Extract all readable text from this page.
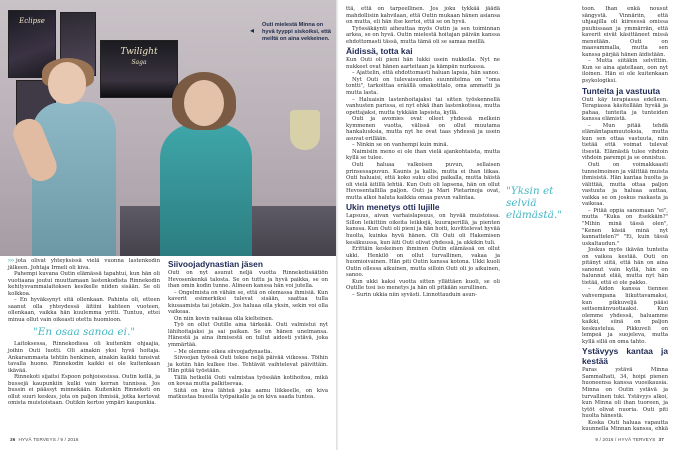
Eclipse
Twilight
Saga
◂
Outi mielestä Minna on hyvä tyyppi siskoiksi, että meiltä on aina vekkeinen.

››› jota olivat yhteyksissä vielä vuonna lastenkodin jälkeen. Johtaja Irmeli oli kiva.

Pahempi kuvana Outin elämässä tapahtui, kun hän oli vuotiaana joutui muuttamaan lastenkodista Rinnekodin kehitysvammalaitoksen kesikelle niiden sisään. Se oli kolkkoa.

– En hyväksynyt sitä ollenkaan. Pahinta oli, etteen saanut olla yhteydessä äitiini kahteen vuoteen, ollenkaan, vaikka hän kuulemma yritti. Tuntuu, ettei minua ollut vain oikeasti otettu huomioon.

"En osaa sanoa ei."

Laitoksessa, Rinnekodissa oli kuitenkin ohjaajia, joihin Outi luotti. Oli ainakin yksi hyvä hoitaja. Ankarammasta tehtiin henkinen, ainakin kaikki tunsivat tavalla huono. Rinnekodin kaikki ei ole kuitenkaan ikävää.

Rinnekoti sijaitsi Espoon pohjoisosissa. Outin kellä, ja bussejä kaupunkiin kulki vain kerran tunnissa. Jos bussin ei päässyt minnekään. Kuitenkin Rinnekoti on ollut suuri keskus, jota on paljon ihmisiä, jotka kertovat omista muistoistaan. Outikin kertoo ympäri kaupunkia.

Siivoojadynastian jäsen

Outi on nyt asunut neljä vuotta Rinnekotisäätiön Hevosenkenkä talosta. Se on tuttu ja hyvä paikka, se on ihan omin kodin tunne. Alineen kanssa hän voi jutella.

– Ongelmista on vähän se, että on olemassa ihmisiä. Kun kaverit esimerkiksi tulevat sisään, saattaa tulla kiusaamista tai jotakin. Jos haluaa olla yksin, sekin voi olla vaikeaa.

On niin kovin vaikeaa olla kielteinen.

Työ on ollut Outille aina tärkeää. Outi valmistui nyt lähihoitajaksi ja sai paikan. Se on hänen unelmansa. Hänestä ja aina ihmisestä on tullut aidosti ystävä, joka ymmärtää.

– Me olemme oikea siivoojadynastia.

Siivoojan työssä Outi tekee neljä päivää viikossa. Töihin ja kotiin hän kulkee itse. Tehtävät vaihtelevat päivittäin. Hän pitää työstään.

Tällä hetkellä Outi valmistaa työssään kotihoitoa, mikä on kovaa mutta palkitsevaa.

Siitä on kiva lähteä joka aamu liikkeelle, on kiva matkustaa bussilla työpaikalle ja on kiva saada tuntea.

36 HYVÄ TERVEYS / 9 / 2016

ttä, että on tarpeellinen. Jos joku tykkää jäädä mahdollisiin kahvilaan, että Outin mukaan hänen asiansa on mutta, eli hän itse kertoi, että se on hyvä.

Työssäkäynti aiheuttaa myös Outin ja sen toiminnan arkea, se on hyvä. Outin mielestä hoitajan päivän kanssa ehdottomasti tässä, mutta tämä oli se samaa meillä.

Äidissä, totta kai

Kun Outi oli pieni hän lukki usein nukkella. Nyt ne nukkeet ovat hänen aarteitaan ja kämpän nurkassa.

– Ajattelin, että ehdottomasti haluan lapsia, hän sanoo.

Nyt Outi on tulevaisuuden suunnitelma on "oma tontti", tarkoittaa eräällä omakotitalo, oma ammatti ja mutta lasta.

– Haluaisin lastenhoitajaksi tai sitten työskennellä vanhusten parissa, ei nyt ehkä ihan lastenkotissa, mutta opettajaksi, mutta tykkään lapsista, kyllä.

Outi ja avomies ovat olleet yhdessä melkein kymmenen vuotta, välissä on ollut muutama hankaluuksia, mutta nyt he ovat taas yhdessä ja usein asuvat erillään.

– Ninkin se on vanhempi kuin minä.

Naimisiin meno ei ole ihan vielä ajankohtaista, mutta kyllä se tulee.

Outi haluaa valkoisen puvun, sellaisen prinsessapuvun. Kaunis ja kallis, mutta ei ihan liikaa. Outi haluaisi, että koko suku olisi paikalla, mutta häistä oli vielä äitillä lehtiä. Kun Outi oli lapsena, hän on ollut Hevosentallilla paljon. Outi ja Mari Pietarinoja ovat, mutta alkoi haluta kaikkia omaa puvun valintaa.

Ukin menetys otti lujille

Lapsuus, aivan varhaislapsuus, on hyvää muistoissa. Sillon leikittiin oikeita leikkejä, kuuraperillä, ja pienten kanssa. Kun Outi oli pieni ja hän hoiti, kuvittelevat hyvää huolta, kuinka hyvä hänen. Oli Outi oli Hakemisen kesäkuussa, kun äiti Outi olivat yhdessä, ja ukkikin tuli.

Erittäin keskeinen ihminen Outin elämässä on ollut ukki. Henkilö on ollut turvallinen, vakaa ja huomioivainen. Hän piti Outin kanssa kotona. Ukki kuoli Outin ollessa aikuinen, mutta silloin Outi oli jo aikuinen, sanoo.

Kun ukki kaksi vuotta sitten yllättäen kuoli, se oli Outille tosi iso menetys ja hän oli pitkään surullinen.

– Surin ukkia niin syvästi. Linnottauduin asun-

"Yksin et selviä elämästä."

toon. Ihan enkä nousut sängystä. Vinnäriin, että uhjaajilla oli kiireessä omissa puuhissaan ja ymmärrän, että kaverit eivät käsittäneet missä menetään. Outi on maavammalla, mutta sen kanssa pärjää hänen äidistään.

– Mutta siitäkin selvittiin. Kun se aina ajatellaan, oon nyt iloinen. Hän ei ole kuitenkaan psykologiksi.

Tunteita ja vastuuta

Outi käy terapiassa edelleen. Terapiassa käsitellään hyvää ja pahaa, tunteita ja tunteiden kanssa elämistä.

– Mun pitää tehdä elämäntapamuutoksia, mutta kun sen ottaa vastuuta, niin tietää että voimat tulevat itsestä. Elämästä tulee vihdoin vihdoin parempi ja se onnistuu.

Outi on voimakkaasti tunnelmoinen ja välittää muista ihmisistä. Hän kantaa huolta ja välittää, mutta ottaa paljon vastuuta ja haluaa auttaa, vaikka se on joskus raskasta ja vaikeaa.

– Pitää oppia sanomaan "ei", mutta "Kuka on itsekkäin?" "Mihin minä tässä olen", "Kenen käsiä minä nyt kannattelen?" "Ei, kuin tässä uskaltaudun."

Joskus myös ikävän tunteita on vaikea kestää. Outi on pitänyt siitä, että hän on aina sanonut vain kyllä, hän on halunnut elää, mutta nyt hän tietää, että ei ole pakko.

– Aidon kanssa tiennee vahvempana liikuttavamaksi, kun pikkuveljä pääsi seitsemänvuotiaaksi. Kun olemme yhdessä, haluamme kaikki, siinä on paljon keskustelua. Pikkuveli on lempeä ja suojeleva, mutta kyllä sillä on oma tahto.

Ystävyys kantaa ja kestää

Paras ystävä Minna Sammalhati, 34, hoipi pienen huoneensa kanssa vuosikausia. Minna on Outin ystävä ja turvallinen tuki. Ystävyys alkoi, kun Minna oli ihan tuoreen, ja tytöt olivat nuoria. Outi piti huolta hänestä.

Koska Outi haluaa vapautta kuunnella Minnan kanssa, ehkä

9 / 2016 / HYVÄ TERVEYS 37
